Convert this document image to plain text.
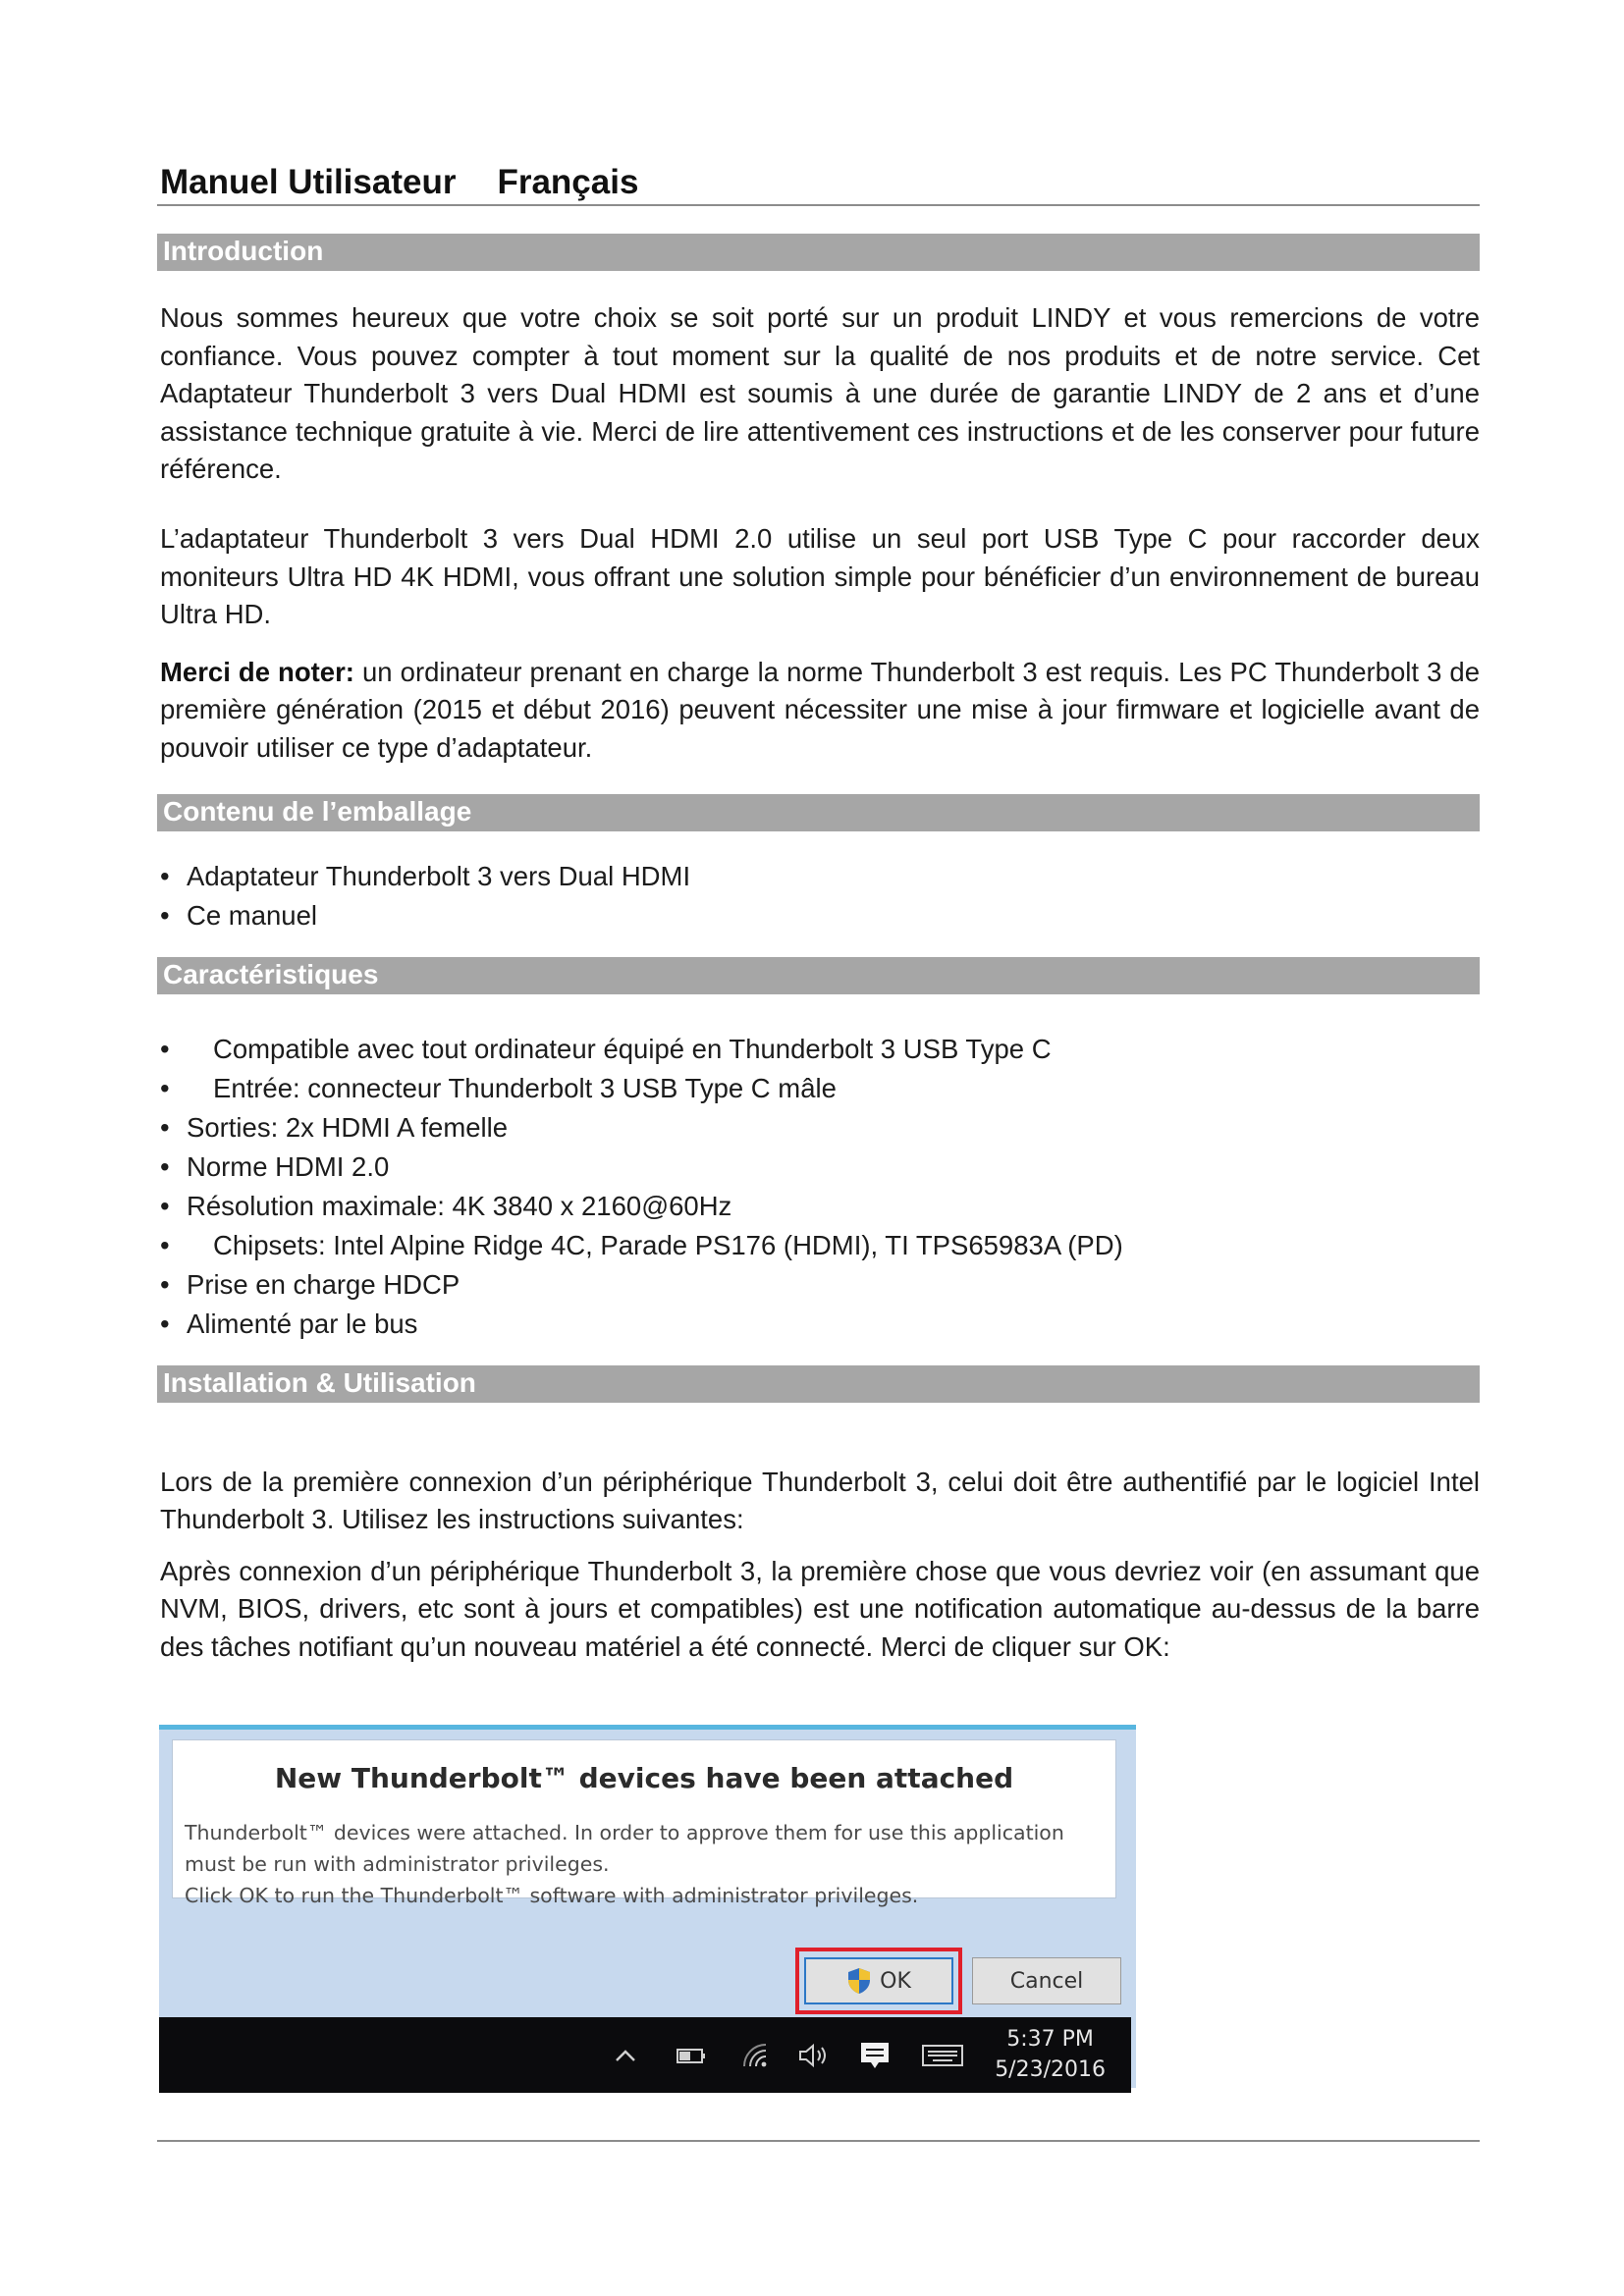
Manuel Utilisateur Français
Introduction

Nous sommes heureux que votre choix se soit porté sur un produit LINDY et vous remercions de votre confiance. Vous pouvez compter à tout moment sur la qualité de nos produits et de notre service. Cet Adaptateur Thunderbolt 3 vers Dual HDMI est soumis à une durée de garantie LINDY de 2 ans et d’une assistance technique gratuite à vie. Merci de lire attentivement ces instructions et de les conserver pour future référence.

L’adaptateur Thunderbolt 3 vers Dual HDMI 2.0 utilise un seul port USB Type C pour raccorder deux moniteurs Ultra HD 4K HDMI, vous offrant une solution simple pour bénéficier d’un environnement de bureau Ultra HD.

Merci de noter: un ordinateur prenant en charge la norme Thunderbolt 3 est requis. Les PC Thunderbolt 3 de première génération (2015 et début 2016) peuvent nécessiter une mise à jour firmware et logicielle avant de pouvoir utiliser ce type d’adaptateur.

Contenu de l’emballage
• Adaptateur Thunderbolt 3 vers Dual HDMI
• Ce manuel
Caractéristiques
• Compatible avec tout ordinateur équipé en Thunderbolt 3 USB Type C
• Entrée: connecteur Thunderbolt 3 USB Type C mâle
• Sorties: 2x HDMI A femelle
• Norme HDMI 2.0
• Résolution maximale: 4K 3840 x 2160@60Hz
• Chipsets: Intel Alpine Ridge 4C, Parade PS176 (HDMI), TI TPS65983A (PD)
• Prise en charge HDCP
• Alimenté par le bus
Installation & Utilisation

Lors de la première connexion d’un périphérique Thunderbolt 3, celui doit être authentifié par le logiciel Intel Thunderbolt 3. Utilisez les instructions suivantes:

Après connexion d’un périphérique Thunderbolt 3, la première chose que vous devriez voir (en assumant que NVM, BIOS, drivers, etc sont à jours et compatibles) est une notification automatique au-dessus de la barre des tâches notifiant qu’un nouveau matériel a été connecté. Merci de cliquer sur OK:

New Thunderbolt™ devices have been attached
Thunderbolt™ devices were attached. In order to approve them for use this application
must be run with administrator privileges.
Click OK to run the Thunderbolt™ software with administrator privileges.
OK	Cancel
5:37 PM
5/23/2016
